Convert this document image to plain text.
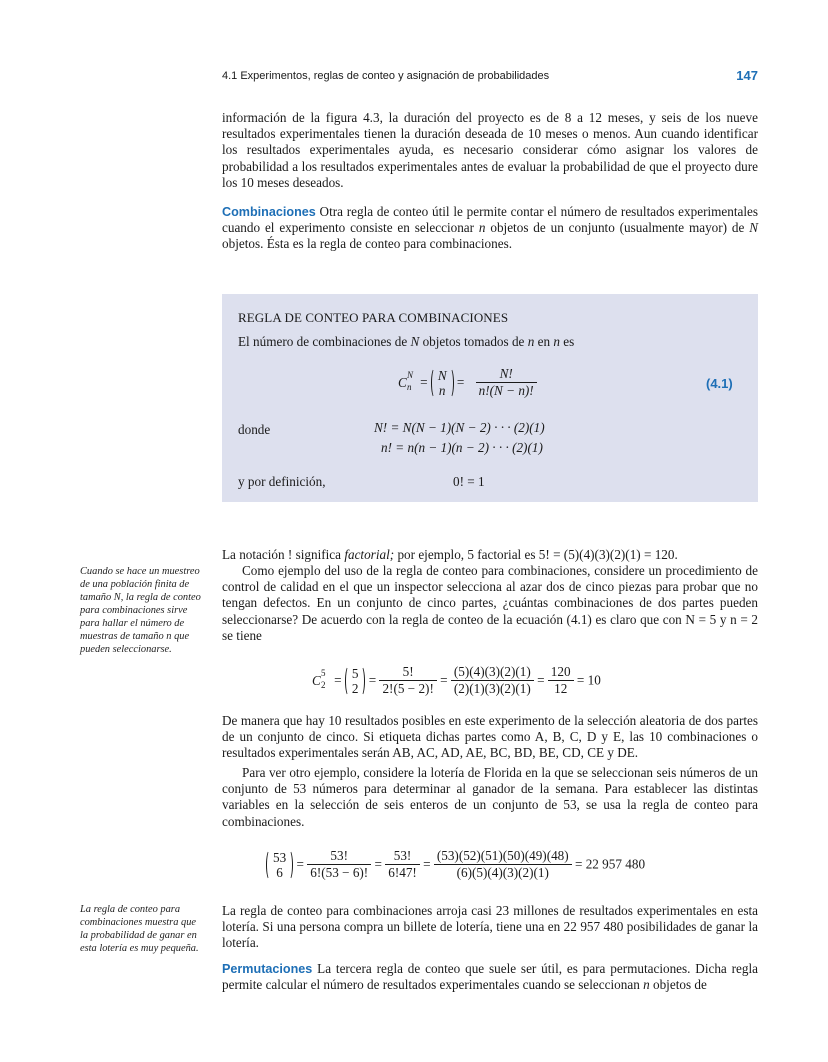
4.1 Experimentos, reglas de conteo y asignación de probabilidades	147
información de la figura 4.3, la duración del proyecto es de 8 a 12 meses, y seis de los nueve resultados experimentales tienen la duración deseada de 10 meses o menos. Aun cuando identificar los resultados experimentales ayuda, es necesario considerar cómo asignar los valores de probabilidad a los resultados experimentales antes de evaluar la probabilidad de que el proyecto dure los 10 meses deseados.
Combinaciones Otra regla de conteo útil le permite contar el número de resultados experimentales cuando el experimento consiste en seleccionar n objetos de un conjunto (usualmente mayor) de N objetos. Ésta es la regla de conteo para combinaciones.
REGLA DE CONTEO PARA COMBINACIONES
El número de combinaciones de N objetos tomados de n en n es
C N
n = N
n
= $\frac{N!}{n!(N - n)!}$	(4.1)
donde	N! = N(N − 1)(N − 2) · · · (2)(1)
n! = n(n − 1)(n − 2) · · · (2)(1)
y por definición,	0! = 1
La notación ! significa factorial; por ejemplo, 5 factorial es 5! = (5)(4)(3)(2)(1) = 120.
Como ejemplo del uso de la regla de conteo para combinaciones, considere un procedimiento de control de calidad en el que un inspector selecciona al azar dos de cinco piezas para probar que no tengan defectos. En un conjunto de cinco partes, ¿cuántas combinaciones de dos partes pueden seleccionarse? De acuerdo con la regla de conteo de la ecuación (4.1) es claro que con N = 5 y n = 2 se tiene
C 5
2 = 5
2
= $\frac{5!}{2!(5 - 2)!} = \frac{(5)(4)(3)(2)(1)}{(2)(1)(3)(2)(1)} = \frac{120}{12} = 10$
De manera que hay 10 resultados posibles en este experimento de la selección aleatoria de dos partes de un conjunto de cinco. Si etiqueta dichas partes como A, B, C, D y E, las 10 combinaciones o resultados experimentales serán AB, AC, AD, AE, BC, BD, BE, CD, CE y DE.
Para ver otro ejemplo, considere la lotería de Florida en la que se seleccionan seis números de un conjunto de 53 números para determinar al ganador de la semana. Para establecer las distintas variables en la selección de seis enteros de un conjunto de 53, se usa la regla de conteo para combinaciones.
53
6
= $\frac{53!}{6!(53 - 6)!} = \frac{53!}{6!47!} = \frac{(53)(52)(51)(50)(49)(48)}{(6)(5)(4)(3)(2)(1)} = 22$ 957 480
La regla de conteo para combinaciones arroja casi 23 millones de resultados experimentales en esta lotería. Si una persona compra un billete de lotería, tiene una en 22 957 480 posibilidades de ganar la lotería.
Permutaciones La tercera regla de conteo que suele ser útil, es para permutaciones. Dicha regla permite calcular el número de resultados experimentales cuando se seleccionan n objetos de
Cuando se hace un muestreo de una población finita de tamaño N, la regla de conteo para combinaciones sirve para hallar el número de muestras de tamaño n que pueden seleccionarse.
La regla de conteo para combinaciones muestra que la probabilidad de ganar en esta lotería es muy pequeña.
